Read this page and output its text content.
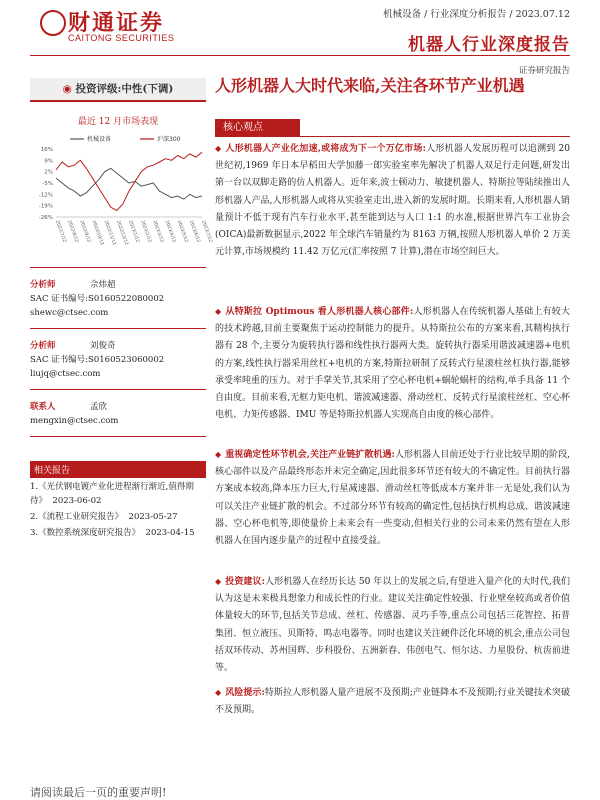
财通证券
CAITONG SECURITIES
机械设备 / 行业深度分析报告 / 2023.07.12
机器人行业深度报告
证券研究报告
◉ 投资评级:中性(下调)
最近 12 月市场表现
16%
9%
2%
-5%
-12%
-19%
-26%
2022/7/12 2022/8/12 2022/9/12 2022/10/12
2022/11/12
2022/12/12
2023/1/12 2023/2/12 2023/3/12 2023/4/12 2023/5/12 2023/6/12 2023/7/12
机械设备	沪深300
分析师	佘炜超
SAC 证书编号:S0160522080002
shewc@ctsec.com
分析师	刘俊奇
SAC 证书编号:S0160523060002
liujq@ctsec.com
联系人	孟欣
mengxin@ctsec.com
相关报告
1.《光伏钢电镀产业化进程渐行渐近,值得期待》 2023-06-02
2.《流程工业研究报告》 2023-05-27
3.《数控系统深度研究报告》 2023-04-15
人形机器人大时代来临,关注各环节产业机遇
核心观点
◆ 人形机器人产业化加速,或将成为下一个万亿市场:人形机器人发展历程可以追溯到 20 世纪初,1969 年日本早稻田大学加藤一郎实验室率先解决了机器人双足行走问题,研发出第一台以双脚走路的仿人机器人。近年来,波士顿动力、敏捷机器人、特斯拉等陆续推出人形机器人产品,人形机器人或将从实验室走出,进入新的发展时期。长期来看,人形机器人销量预计不低于现有汽车行业水平,甚至能到达与人口 1:1 的水准,根据世界汽车工业协会(OICA)最新数据显示,2022 年全球汽车销量约为 8163 万辆,按照人形机器人单价 2 万美元计算,市场规模约 11.42 万亿元(汇率按照 7 计算),潜在市场空间巨大。
◆ 从特斯拉 Optimous 看人形机器人核心部件:人形机器人在传统机器人基础上有较大的技术跨越,目前主要聚焦于运动控制能力的提升。从特斯拉公布的方案来看,其精构执行器有 28 个,主要分为旋转执行器和线性执行器两大类。旋转执行器采用谐波减速器+电机的方案,线性执行器采用丝杠+电机的方案,特斯拉研制了反转式行星滚柱丝杠执行器,能够承受率吨重的压力。对于手掌关节,其采用了空心杯电机+蜗轮蜗杆的结构,单手具备 11 个自由度。目前来看,无框力矩电机、谐波减速器、滑动丝杠、反转式行星滚柱丝杠、空心杯电机、力矩传感器、IMU 等是特斯拉机器人实现高自由度的核心部件。
◆ 重视确定性环节机会,关注产业链扩散机遇:人形机器人目前还处于行业比较早期的阶段,核心部件以及产品最终形态并未完全确定,因此很多环节还有较大的不确定性。目前执行器方案成本较高,降本压力巨大,行星减速器、滑动丝杠等低成本方案并非一无是处,我们认为可以关注产业链扩散的机会。不过部分环节有较高的确定性,包括执行机构总成、谐波减速器、空心杯电机等,即使量价上未来会有一些变动,但相关行业的公司未来仍然有望在人形机器人在国内逐步量产的过程中直接受益。
◆ 投资建议:人形机器人在经历长达 50 年以上的发展之后,有望进入量产化的大时代,我们认为这是未来极具想象力和成长性的行业。建议关注确定性较强、行业壁垒较高或者价值体量较大的环节,包括关节总成、丝杠、传感器、灵巧手等,重点公司包括三花智控、拓普集团、恒立液压、贝斯特、鸣志电器等。同时也建议关注硬件泛化环境的机会,重点公司包括双环传动、苏州国辉、步科股份、五洲新春、伟创电气、恒尔达、力星股份、杭齿前进等。
◆ 风险提示:特斯拉人形机器人量产进展不及预期;产业链降本不及预期;行业关键技术突破不及预期。
请阅读最后一页的重要声明!
